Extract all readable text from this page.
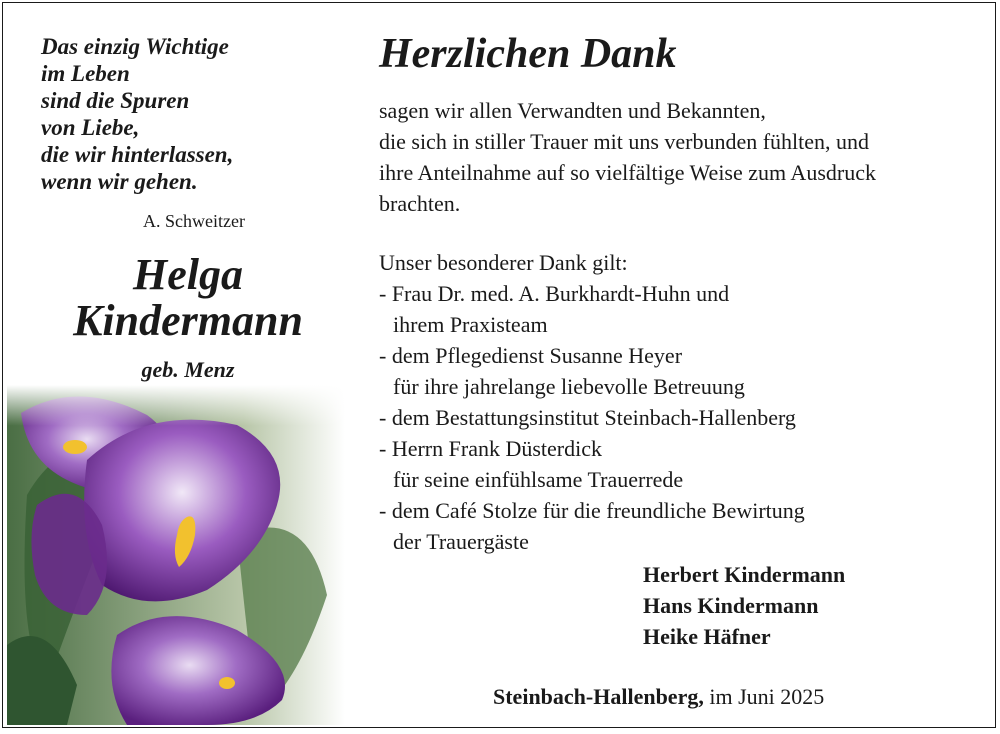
Das einzig Wichtige
im Leben
sind die Spuren
von Liebe,
die wir hinterlassen,
wenn wir gehen.
A. Schweitzer
Helga
Kindermann
geb. Menz
Herzlichen Dank
sagen wir allen Verwandten und Bekannten,
die sich in stiller Trauer mit uns verbunden fühlten, und
ihre Anteilnahme auf so vielfältige Weise zum Ausdruck
brachten.
Unser besonderer Dank gilt:
- Frau Dr. med. A. Burkhardt-Huhn und
ihrem Praxisteam
- dem Pflegedienst Susanne Heyer
für ihre jahrelange liebevolle Betreuung
- dem Bestattungsinstitut Steinbach-Hallenberg
- Herrn Frank Düsterdick
für seine einfühlsame Trauerrede
- dem Café Stolze für die freundliche Bewirtung
der Trauergäste
Herbert Kindermann
Hans Kindermann
Heike Häfner
Steinbach-Hallenberg, im Juni 2025
